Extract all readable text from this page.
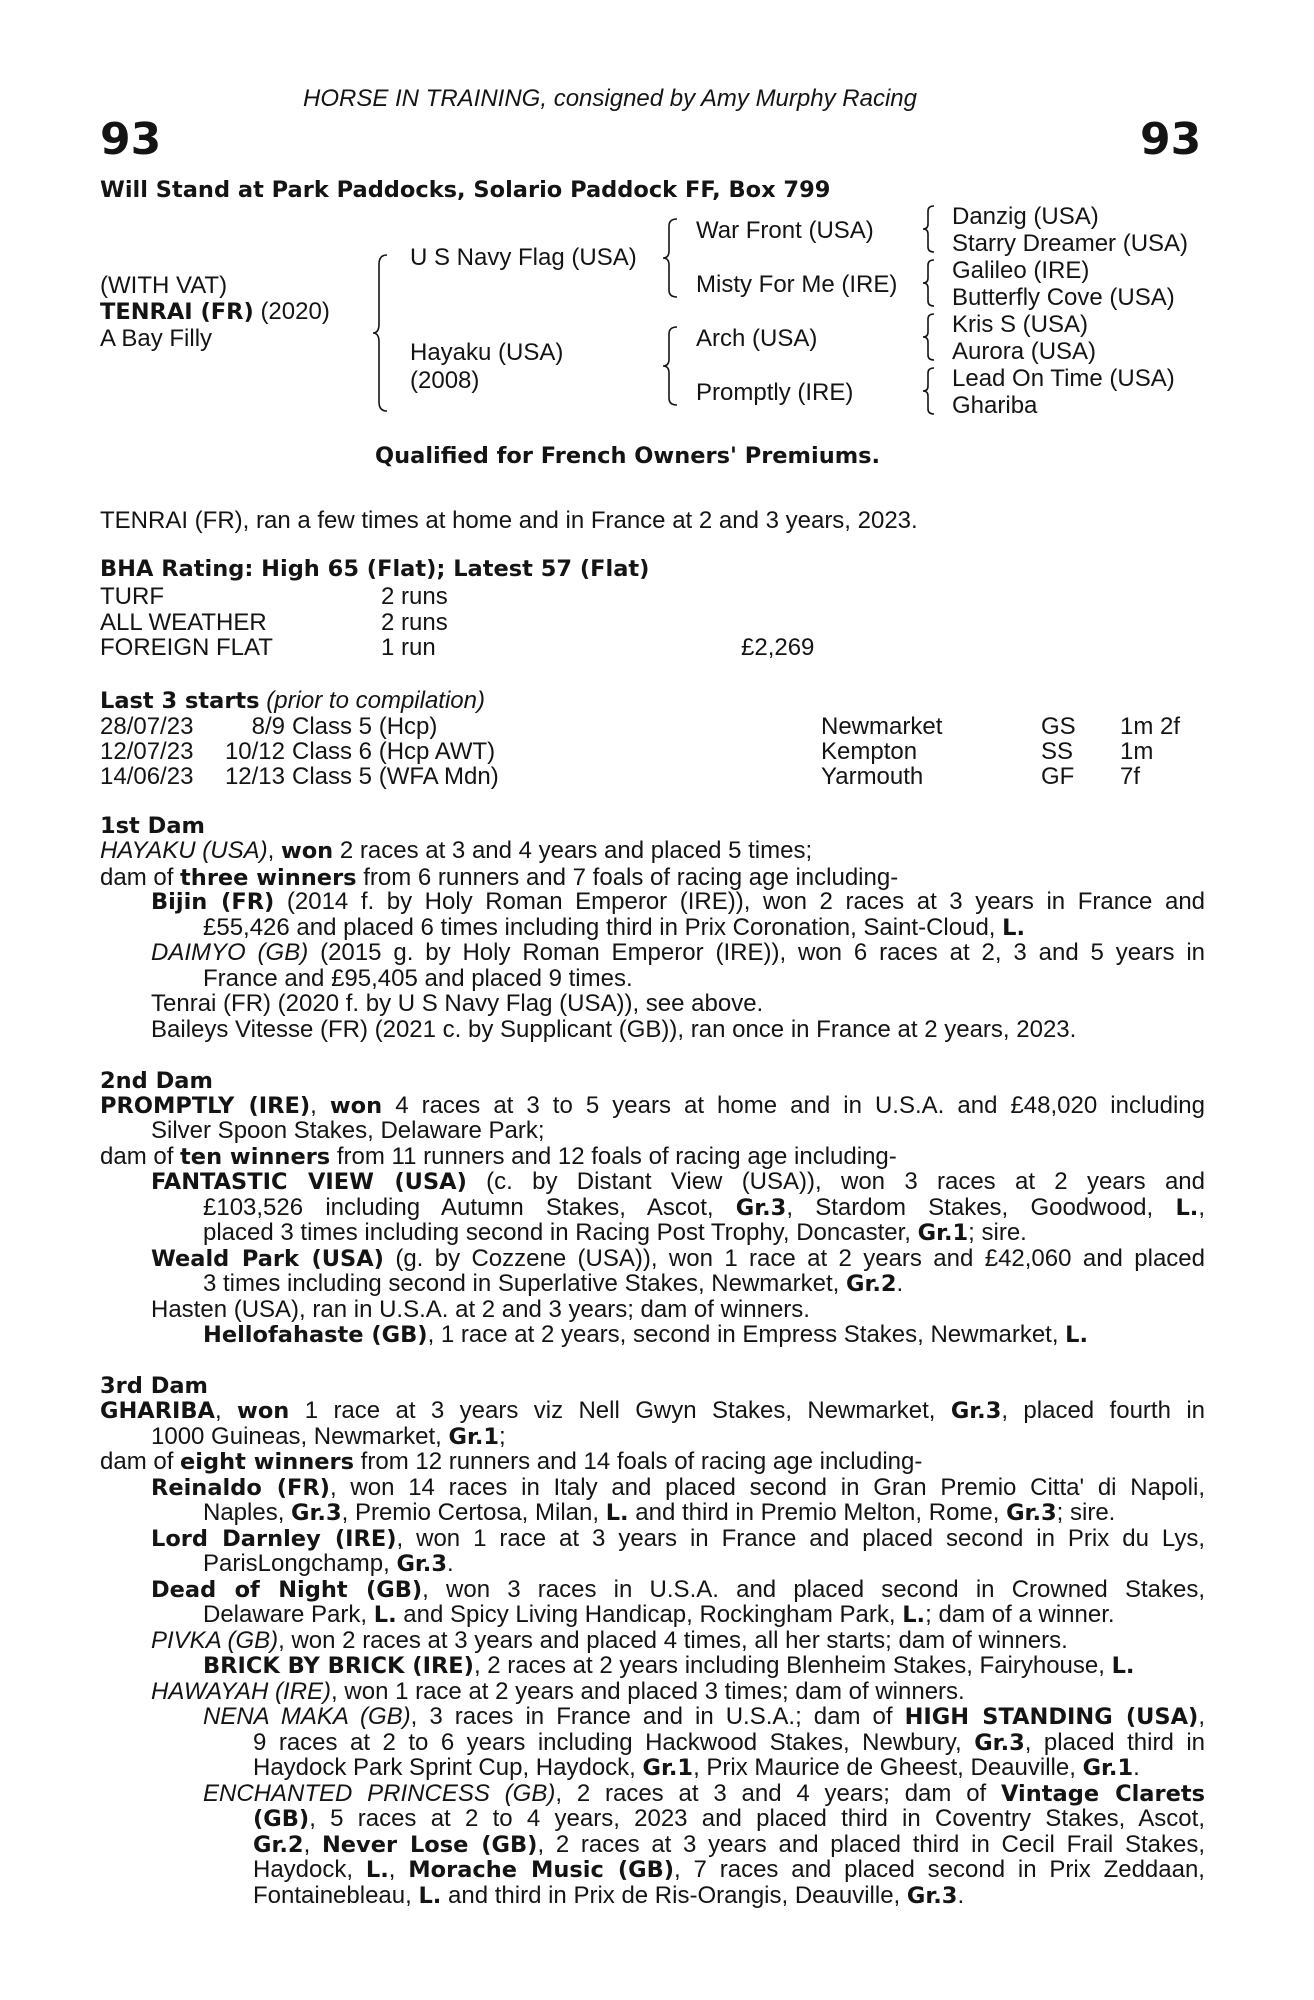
HORSE IN TRAINING, consigned by Amy Murphy Racing
93	93
Will Stand at Park Paddocks, Solario Paddock FF, Box 799
(WITH VAT)
TENRAI (FR) (2020)
A Bay Filly
U S Navy Flag (USA)
Hayaku (USA)
(2008)
War Front (USA)
Misty For Me (IRE)
Arch (USA)
Promptly (IRE)
Danzig (USA)
Starry Dreamer (USA)
Galileo (IRE)
Butterfly Cove (USA)
Kris S (USA)
Aurora (USA)
Lead On Time (USA)
Ghariba
Qualified for French Owners' Premiums.
TENRAI (FR), ran a few times at home and in France at 2 and 3 years, 2023.
BHA Rating: High 65 (Flat); Latest 57 (Flat)
TURF	2 runs
ALL WEATHER	2 runs
FOREIGN FLAT	1 run	£2,269
Last 3 starts (prior to compilation)
28/07/23	8/9 Class 5 (Hcp)	Newmarket	GS 1m 2f
12/07/23	10/12 Class 6 (Hcp AWT)	Kempton	SS 1m
14/06/23	12/13 Class 5 (WFA Mdn)	Yarmouth	GF 7f
1st Dam
HAYAKU (USA), won 2 races at 3 and 4 years and placed 5 times;
dam of three winners from 6 runners and 7 foals of racing age including-
Bijin (FR) (2014 f. by Holy Roman Emperor (IRE)), won 2 races at 3 years in France and
£55,426 and placed 6 times including third in Prix Coronation, Saint-Cloud, L.
DAIMYO (GB) (2015 g. by Holy Roman Emperor (IRE)), won 6 races at 2, 3 and 5 years in
France and £95,405 and placed 9 times.
Tenrai (FR) (2020 f. by U S Navy Flag (USA)), see above.
Baileys Vitesse (FR) (2021 c. by Supplicant (GB)), ran once in France at 2 years, 2023.
2nd Dam
PROMPTLY (IRE), won 4 races at 3 to 5 years at home and in U.S.A. and £48,020 including
Silver Spoon Stakes, Delaware Park;
dam of ten winners from 11 runners and 12 foals of racing age including-
FANTASTIC VIEW (USA) (c. by Distant View (USA)), won 3 races at 2 years and
£103,526 including Autumn Stakes, Ascot, Gr.3, Stardom Stakes, Goodwood, L.,
placed 3 times including second in Racing Post Trophy, Doncaster, Gr.1; sire.
Weald Park (USA) (g. by Cozzene (USA)), won 1 race at 2 years and £42,060 and placed
3 times including second in Superlative Stakes, Newmarket, Gr.2.
Hasten (USA), ran in U.S.A. at 2 and 3 years; dam of winners.
Hellofahaste (GB), 1 race at 2 years, second in Empress Stakes, Newmarket, L.
3rd Dam
GHARIBA, won 1 race at 3 years viz Nell Gwyn Stakes, Newmarket, Gr.3, placed fourth in
1000 Guineas, Newmarket, Gr.1;
dam of eight winners from 12 runners and 14 foals of racing age including-
Reinaldo (FR), won 14 races in Italy and placed second in Gran Premio Citta' di Napoli,
Naples, Gr.3, Premio Certosa, Milan, L. and third in Premio Melton, Rome, Gr.3; sire.
Lord Darnley (IRE), won 1 race at 3 years in France and placed second in Prix du Lys,
ParisLongchamp, Gr.3.
Dead of Night (GB), won 3 races in U.S.A. and placed second in Crowned Stakes,
Delaware Park, L. and Spicy Living Handicap, Rockingham Park, L.; dam of a winner.
PIVKA (GB), won 2 races at 3 years and placed 4 times, all her starts; dam of winners.
BRICK BY BRICK (IRE), 2 races at 2 years including Blenheim Stakes, Fairyhouse, L.
HAWAYAH (IRE), won 1 race at 2 years and placed 3 times; dam of winners.
NENA MAKA (GB), 3 races in France and in U.S.A.; dam of HIGH STANDING (USA),
9 races at 2 to 6 years including Hackwood Stakes, Newbury, Gr.3, placed third in
Haydock Park Sprint Cup, Haydock, Gr.1, Prix Maurice de Gheest, Deauville, Gr.1.
ENCHANTED PRINCESS (GB), 2 races at 3 and 4 years; dam of Vintage Clarets
(GB), 5 races at 2 to 4 years, 2023 and placed third in Coventry Stakes, Ascot,
Gr.2, Never Lose (GB), 2 races at 3 years and placed third in Cecil Frail Stakes,
Haydock, L., Morache Music (GB), 7 races and placed second in Prix Zeddaan,
Fontainebleau, L. and third in Prix de Ris-Orangis, Deauville, Gr.3.
